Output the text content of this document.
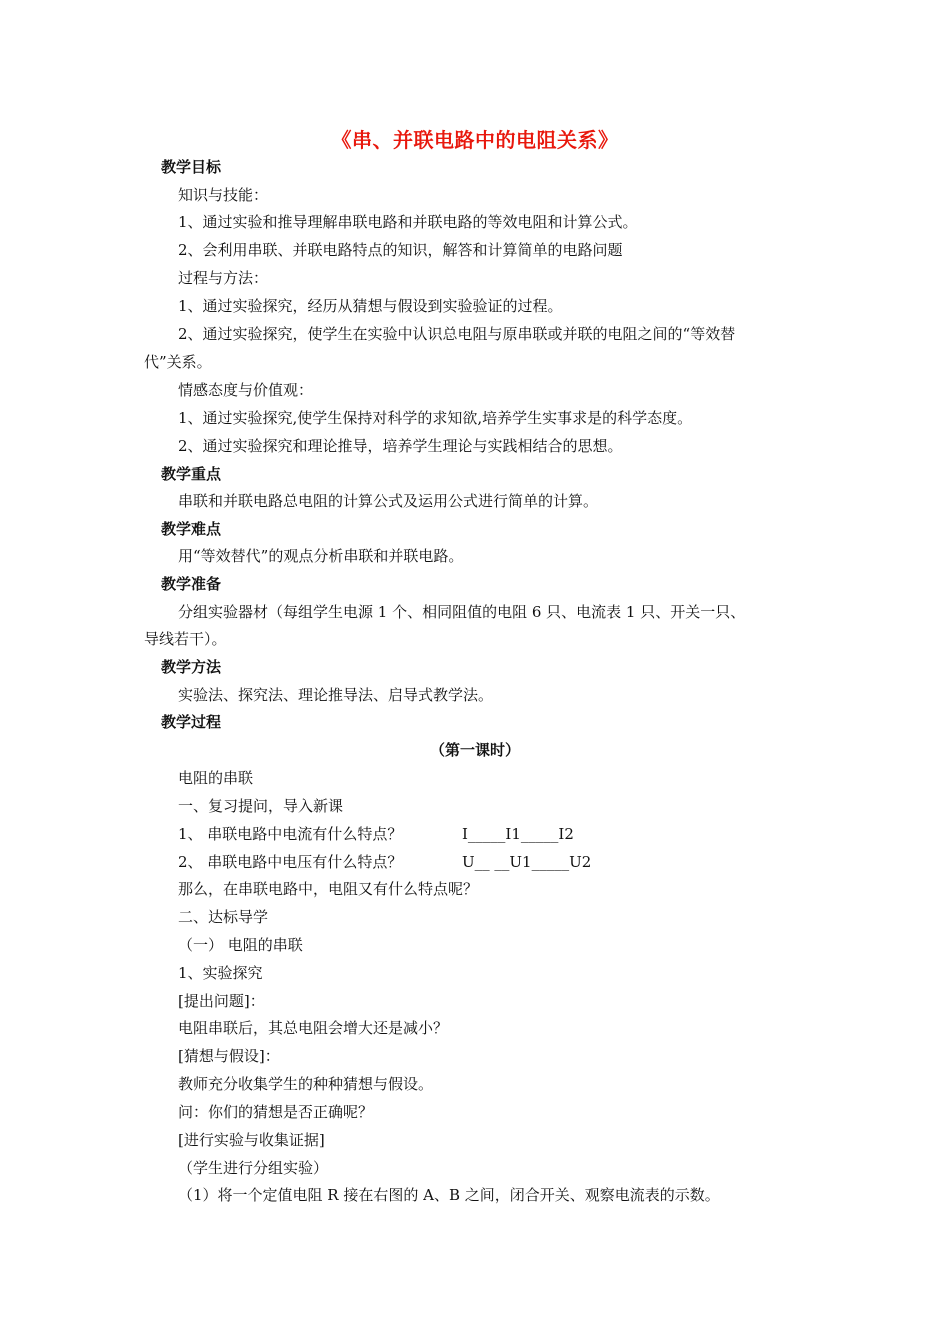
《串、并联电路中的电阻关系》
教学目标
知识与技能：
1、通过实验和推导理解串联电路和并联电路的等效电阻和计算公式。
2、会利用串联、并联电路特点的知识，解答和计算简单的电路问题
过程与方法：
1、通过实验探究，经历从猜想与假设到实验验证的过程。
2、通过实验探究，使学生在实验中认识总电阻与原串联或并联的电阻之间的“等效替
代”关系。
情感态度与价值观：
1、通过实验探究,使学生保持对科学的求知欲,培养学生实事求是的科学态度。
2、通过实验探究和理论推导，培养学生理论与实践相结合的思想。
教学重点
串联和并联电路总电阻的计算公式及运用公式进行简单的计算。
教学难点
用“等效替代”的观点分析串联和并联电路。
教学准备
分组实验器材（每组学生电源 1 个、相同阻值的电阻 6 只、电流表 1 只、开关一只、
导线若干）。
教学方法
实验法、探究法、理论推导法、启导式教学法。
教学过程
（第一课时）
电阻的串联
一、复习提问，导入新课
1、 串联电路中电流有什么特点？	I_____I1_____I2
2、 串联电路中电压有什么特点？	U__ __U1_____U2
那么，在串联电路中，电阻又有什么特点呢？
二、达标导学
（一） 电阻的串联
1、实验探究
[提出问题]：
电阻串联后，其总电阻会增大还是减小？
[猜想与假设]：
教师充分收集学生的种种猜想与假设。
问：你们的猜想是否正确呢？
[进行实验与收集证据]
（学生进行分组实验）
（1）将一个定值电阻 R 接在右图的 A、B 之间，闭合开关、观察电流表的示数。
